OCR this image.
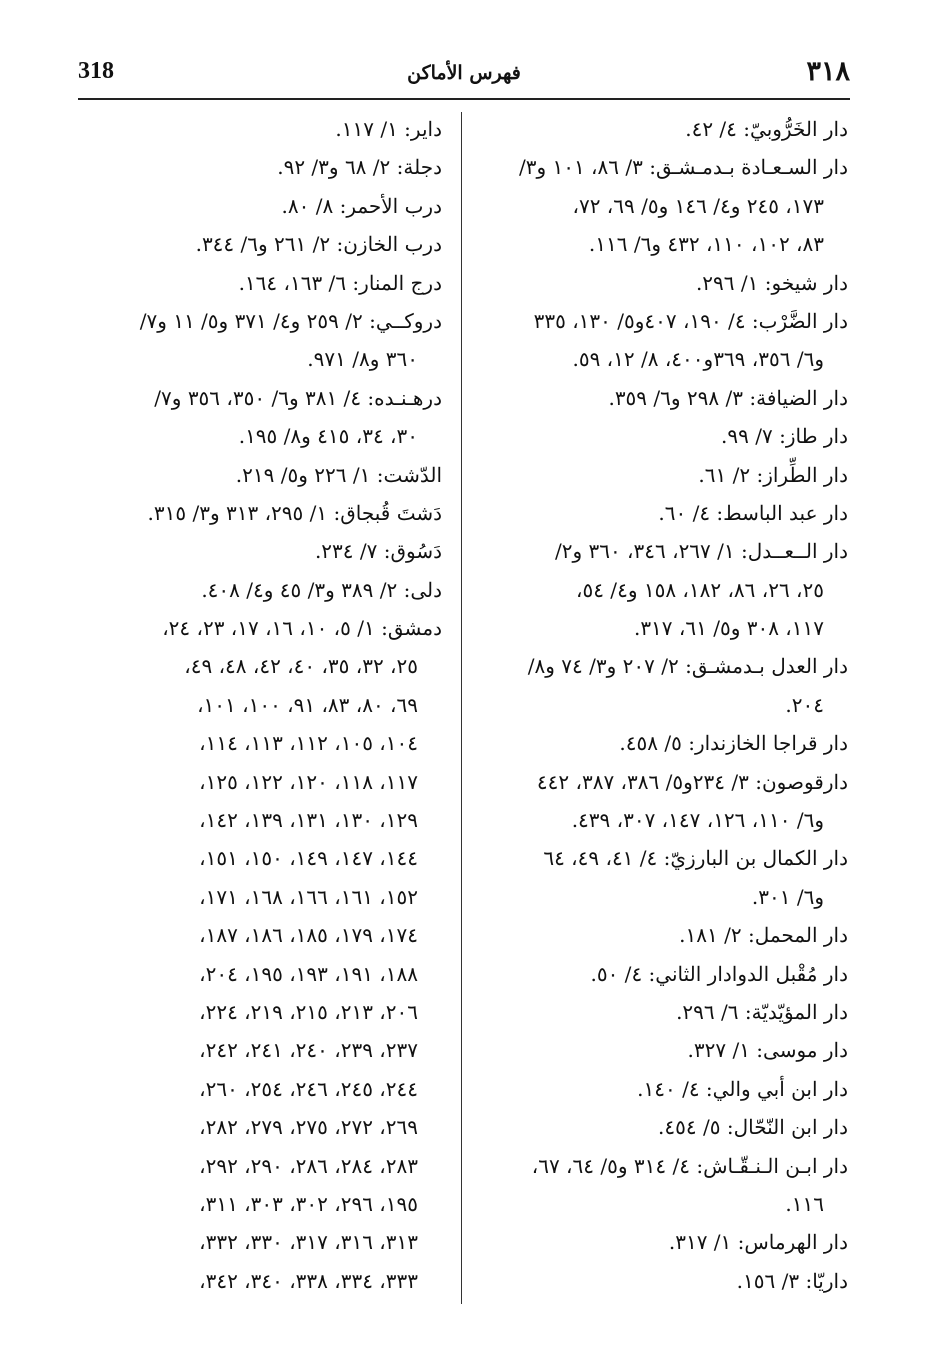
٣١٨
فهرس الأماكن
318
دار الخَرُّوبيّ: ٤/ ٤٢.
دار السـعـادة بـدمـشـق: ٣/ ٨٦، ١٠١ و٣/
١٧٣، ٢٤٥ و٤/ ١٤٦ و٥/ ٦٩، ٧٢،
٨٣، ١٠٢، ١١٠، ٤٣٢ و٦/ ١١٦.
دار شيخو: ١/ ٢٩٦.
دار الضَّرْب: ٤/ ١٩٠، ٤٠٧و٥/ ١٣٠، ٣٣٥
و٦/ ٣٥٦، ٣٦٩و٤٠٠، ٨/ ١٢، ٥٩.
دار الضيافة: ٣/ ٢٩٨ و٦/ ٣٥٩.
دار طاز: ٧/ ٩٩.
دار الطِّراز: ٢/ ٦١.
دار عبد الباسط: ٤/ ٦٠.
دار الــعــدل: ١/ ٢٦٧، ٣٤٦، ٣٦٠ و٢/
٢٥، ٢٦، ٨٦، ١٨٢، ١٥٨ و٤/ ٥٤،
١١٧، ٣٠٨ و٥/ ٦١، ٣١٧.
دار العدل بـدمشـق: ٢/ ٢٠٧ و٣/ ٧٤ و٨/
٢٠٤.
دار قراجا الخازندار: ٥/ ٤٥٨.
دارقوصون: ٣/ ٢٣٤و٥/ ٣٨٦، ٣٨٧، ٤٤٢
و٦/ ١١٠، ١٢٦، ١٤٧، ٣٠٧، ٤٣٩.
دار الكمال بن البارزيّ: ٤/ ٤١، ٤٩، ٦٤
و٦/ ٣٠١.
دار المحمل: ٢/ ١٨١.
دار مُقْبل الدوادار الثاني: ٤/ ٥٠.
دار المؤيّديّة: ٦/ ٢٩٦.
دار موسى: ١/ ٣٢٧.
دار ابن أبي والي: ٤/ ١٤٠.
دار ابن النّحّال: ٥/ ٤٥٤.
دار ابـن الـنـقّـاش: ٤/ ٣١٤ و٥/ ٦٤، ٦٧،
١١٦.
دار الهرماس: ١/ ٣١٧.
داريّا: ٣/ ١٥٦.
داير: ١/ ١١٧.
دجلة: ٢/ ٦٨ و٣/ ٩٢.
درب الأحمر: ٨/ ٨٠.
درب الخازن: ٢/ ٢٦١ و٦/ ٣٤٤.
درج المنار: ٦/ ١٦٣، ١٦٤.
دروكــي: ٢/ ٢٥٩ و٤/ ٣٧١ و٥/ ١١ و٧/
٣٦٠ و٨/ ٩٧١.
درهـنـده: ٤/ ٣٨١ و٦/ ٣٥٠، ٣٥٦ و٧/
٣٠، ٣٤، ٤١٥ و٨/ ١٩٥.
الدّشت: ١/ ٢٢٦ و٥/ ٢١٩.
دَشتَ قُبجاق: ١/ ٢٩٥، ٣١٣ و٣/ ٣١٥.
دَسُوق: ٧/ ٢٣٤.
دلى: ٢/ ٣٨٩ و٣/ ٤٥ و٤/ ٤٠٨.
دمشق: ١/ ٥، ١٠، ١٦، ١٧، ٢٣، ٢٤،
٢٥، ٣٢، ٣٥، ٤٠، ٤٢، ٤٨، ٤٩،
٦٩، ٨٠، ٨٣، ٩١، ١٠٠، ١٠١،
١٠٤، ١٠٥، ١١٢، ١١٣، ١١٤،
١١٧، ١١٨، ١٢٠، ١٢٢، ١٢٥،
١٢٩، ١٣٠، ١٣١، ١٣٩، ١٤٢،
١٤٤، ١٤٧، ١٤٩، ١٥٠، ١٥١،
١٥٢، ١٦١، ١٦٦، ١٦٨، ١٧١،
١٧٤، ١٧٩، ١٨٥، ١٨٦، ١٨٧،
١٨٨، ١٩١، ١٩٣، ١٩٥، ٢٠٤،
٢٠٦، ٢١٣، ٢١٥، ٢١٩، ٢٢٤،
٢٣٧، ٢٣٩، ٢٤٠، ٢٤١، ٢٤٢،
٢٤٤، ٢٤٥، ٢٤٦، ٢٥٤، ٢٦٠،
٢٦٩، ٢٧٢، ٢٧٥، ٢٧٩، ٢٨٢،
٢٨٣، ٢٨٤، ٢٨٦، ٢٩٠، ٢٩٢،
١٩٥، ٢٩٦، ٣٠٢، ٣٠٣، ٣١١،
٣١٣، ٣١٦، ٣١٧، ٣٣٠، ٣٣٢،
٣٣٣، ٣٣٤، ٣٣٨، ٣٤٠، ٣٤٢،
